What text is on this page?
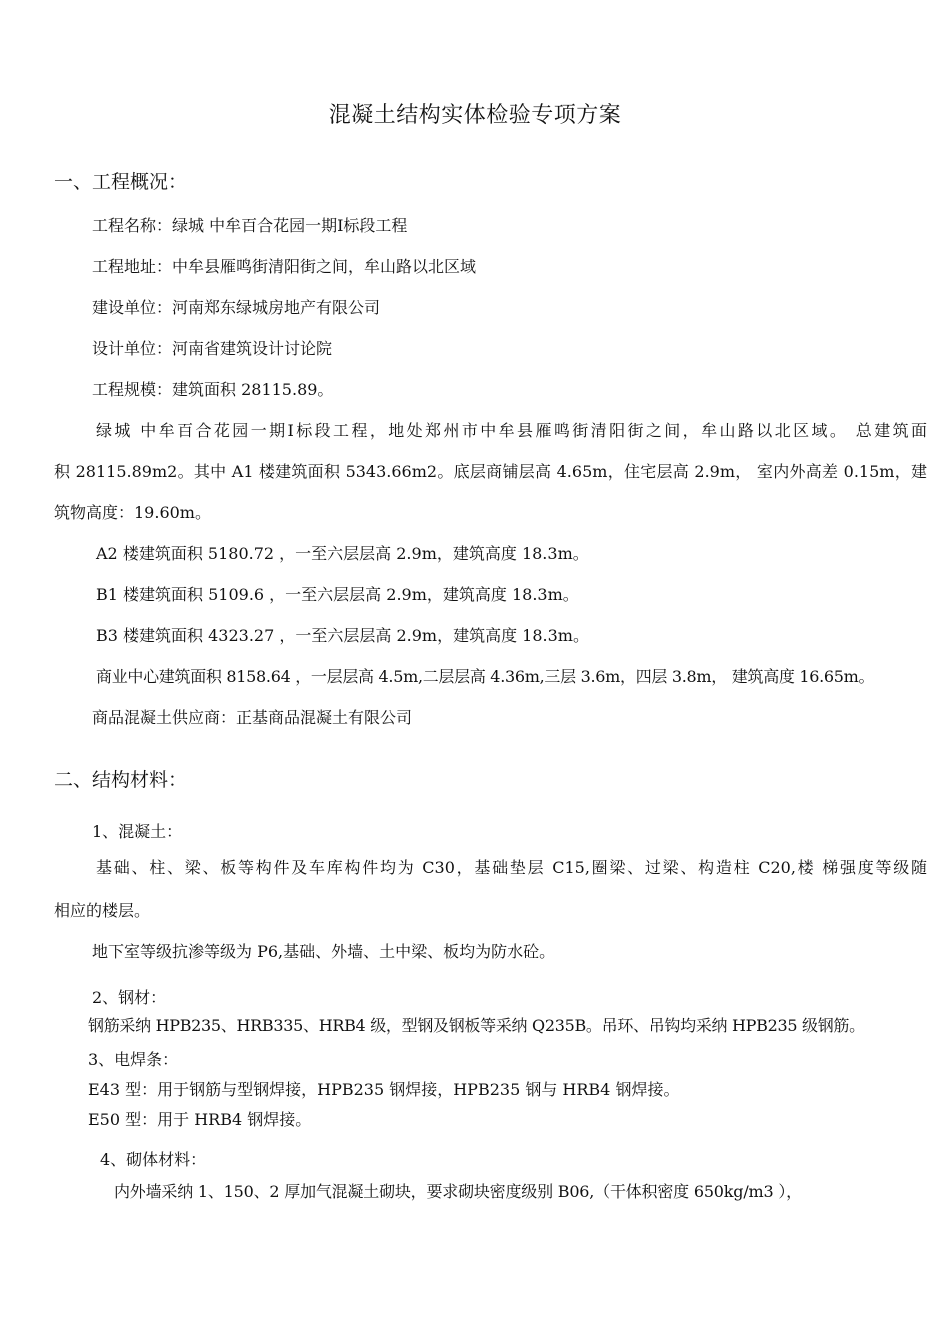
混凝土结构实体检验专项方案
一、工程概况：
工程名称：绿城 中牟百合花园一期Ⅰ标段工程
工程地址：中牟县雁鸣街清阳街之间，牟山路以北区域
建设单位：河南郑东绿城房地产有限公司
设计单位：河南省建筑设计讨论院
工程规模：建筑面积 28115.89。
绿城 中牟百合花园一期Ⅰ标段工程，地处郑州市中牟县雁鸣街清阳街之间，牟山路以北区域。 总建筑面
积 28115.89m2。其中 A1 楼建筑面积 5343.66m2。底层商铺层高 4.65m，住宅层高 2.9m， 室内外高差 0.15m，建
筑物高度：19.60m。
A2 楼建筑面积 5180.72 ，一至六层层高 2.9m，建筑高度 18.3m。
B1 楼建筑面积 5109.6 ，一至六层层高 2.9m，建筑高度 18.3m。
B3 楼建筑面积 4323.27 ，一至六层层高 2.9m，建筑高度 18.3m。
商业中心建筑面积 8158.64 ，一层层高 4.5m,二层层高 4.36m,三层 3.6m，四层 3.8m， 建筑高度 16.65m。
商品混凝土供应商：正基商品混凝土有限公司
二、结构材料：
1、混凝土：
基础、柱、梁、板等构件及车库构件均为 C30，基础垫层 C15,圈梁、过梁、构造柱 C20,楼 梯强度等级随
相应的楼层。
地下室等级抗渗等级为 P6,基础、外墙、土中梁、板均为防水砼。
2、钢材：
钢筋采纳 HPB235、HRB335、HRB4 级，型钢及钢板等采纳 Q235B。吊环、吊钩均采纳 HPB235 级钢筋。
3、电焊条：
E43 型：用于钢筋与型钢焊接，HPB235 钢焊接，HPB235 钢与 HRB4 钢焊接。
E50 型：用于 HRB4 钢焊接。
4、砌体材料：
内外墙采纳 1、150、2 厚加气混凝土砌块，要求砌块密度级别 B06,（干体积密度 650kg/m3 ），
